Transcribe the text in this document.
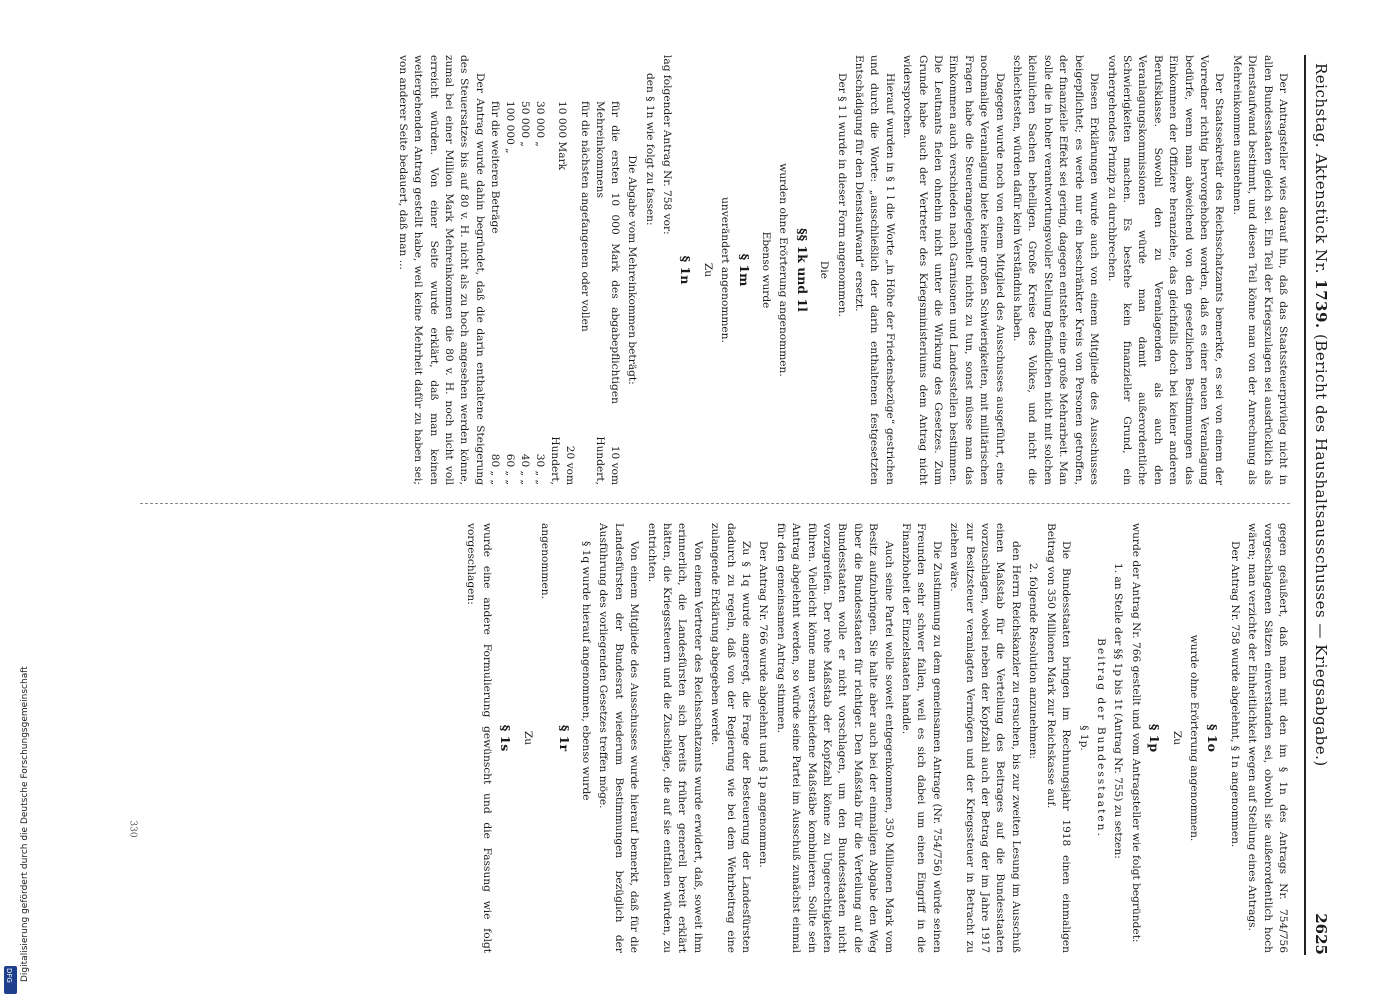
Reichstag. Aktenstück Nr. 1739. (Bericht des Haushaltsausschusses — Kriegsabgabe.)
2625

Der Antragsteller wies darauf hin, daß das Staatssteuerprivileg nicht in allen Bundesstaaten gleich sei. Ein Teil der Kriegszulagen sei ausdrücklich als Dienstaufwand bestimmt, und diesen Teil könne man von der Anrechnung als Mehreinkommen ausnehmen.

Der Staatssekretär des Reichsschatzamts bemerkte, es sei von einem der Vorredner richtig hervorgehoben worden, daß es einer neuen Veranlagung bedürfe, wenn man abweichend von den gesetzlichen Bestimmungen das Einkommen der Offiziere heranziehe, das gleichfalls doch bei keiner anderen Berufsklasse. Sowohl den zu Veranlagenden als auch den Veranlagungskommissionen würde man damit außerordentliche Schwierigkeiten machen. Es bestehe kein finanzieller Grund, ein vorhergehendes Prinzip zu durchbrechen.

Diesen Erklärungen wurde auch von einem Mitgliede des Ausschusses beigepflichtet; es werde nur ein beschränkter Kreis von Personen getroffen, der finanzielle Effekt sei gering, dagegen entstehe eine große Mehrarbeit. Man solle die in hoher verantwortungsvoller Stellung Befindlichen nicht mit solchen kleinlichen Sachen behelligen. Große Kreise des Volkes, und nicht die schlechtesten, würden dafür kein Verständnis haben.

Dagegen wurde noch von einem Mitglied des Ausschusses ausgeführt, eine nochmalige Veranlagung biete keine großen Schwierigkeiten, mit militärischen Fragen habe die Steuerangelegenheit nichts zu tun, sonst müsse man das Einkommen auch verschieden nach Garnisonen und Landesstellen bestimmen. Die Leutnants fielen ohnehin nicht unter die Wirkung des Gesetzes. Zum Grunde habe auch der Vertreter des Kriegsministeriums dem Antrag nicht widersprochen.

Hierauf wurden in § 1 l die Worte „in Höhe der Friedensbezüge“ gestrichen und durch die Worte: „ausschließlich der darin enthaltenen festgesetzten Entschädigung für den Dienstaufwand“ ersetzt.

Der § 1 l wurde in dieser Form angenommen.

Die

§§ 1k und 1l

wurden ohne Erörterung angenommen.

Ebenso wurde

§ 1m

unverändert angenommen.

Zu

§ 1n

lag folgender Antrag Nr. 758 vor:

den § 1n wie folgt zu fassen:

Die Abgabe vom Mehreinkommen beträgt:

für die ersten 10 000 Mark des abgabepflichtigen Mehreinkommens	10 vom Hundert,
für die nächsten angefangenen oder vollen	
10 000 Mark	20 vom Hundert,
30 000 „	30 „ „
50 000 „	40 „ „
100 000 „	60 „ „
für die weiteren Beträge	80 „ „

Der Antrag wurde dahin begründet, daß die darin enthaltene Steigerung des Steuersatzes bis auf 80 v. H. nicht als zu hoch angesehen werden könne, zumal bei einer Million Mark Mehreinkommen die 80 v. H. noch nicht voll erreicht würden. Von einer Seite wurde erklärt, daß man keinen weitergehenden Antrag gestellt habe, weil keine Mehrheit dafür zu haben sei; von anderer Seite bedauert, daß man ...

gegen geäußert, daß man mit den im § 1n des Antrags Nr. 754/756 vorgeschlagenen Sätzen einverstanden sei, obwohl sie außerordentlich hoch wären; man verzichte der Einheitlichkeit wegen auf Stellung eines Antrags.

Der Antrag Nr. 758 wurde abgelehnt, § 1n angenommen.

§ 1o

wurde ohne Erörterung angenommen.

Zu

§ 1p

wurde der Antrag Nr. 766 gestellt und vom Antragsteller wie folgt begründet:

1. an Stelle der §§ 1p bis 1t (Antrag Nr. 755) zu setzen:

Beitrag der Bundesstaaten.

§ 1p.

Die Bundesstaaten bringen im Rechnungsjahr 1918 einen einmaligen Beitrag von 350 Millionen Mark zur Reichskasse auf.

2. folgende Resolution anzunehmen:

den Herrn Reichskanzler zu ersuchen, bis zur zweiten Lesung im Ausschuß einen Maßstab für die Verteilung des Beitrages auf die Bundesstaaten vorzuschlagen, wobei neben der Kopfzahl auch der Betrag der im Jahre 1917 zur Besitzsteuer veranlagten Vermögen und der Kriegssteuer in Betracht zu ziehen wäre.

Die Zustimmung zu dem gemeinsamen Antrage (Nr. 754/756) würde seinen Freunden sehr schwer fallen, weil es sich dabei um einen Eingriff in die Finanzhoheit der Einzelstaaten handle.

Auch seine Partei wolle soweit entgegenkommen, 350 Millionen Mark vom Besitz aufzubringen. Sie halte aber auch bei der einmaligen Abgabe den Weg über die Bundesstaaten für richtiger. Den Maßstab für die Verteilung auf die Bundesstaaten wolle er nicht vorschlagen, um den Bundesstaaten nicht vorzugreifen. Der rohe Maßstab der Kopfzahl könne zu Ungerechtigkeiten führen. Vielleicht könne man verschiedene Maßstäbe kombinieren. Sollte sein Antrag abgelehnt werden, so würde seine Partei im Ausschuß zunächst einmal für den gemeinsamen Antrag stimmen.

Der Antrag Nr. 766 wurde abgelehnt und § 1p angenommen.

Zu § 1q wurde angeregt, die Frage der Besteuerung der Landesfürsten dadurch zu regeln, daß von der Regierung wie bei dem Wehrbeitrag eine zulangende Erklärung abgegeben werde.

Von einem Vertreter des Reichsschatzamts wurde erwidert, daß, soweit ihm erinnerlich, die Landesfürsten sich bereits früher generell bereit erklärt hätten, die Kriegssteuern und die Zuschläge, die auf sie entfallen würden, zu entrichten.

Von einem Mitgliede des Ausschusses wurde hierauf bemerkt, daß für die Landesfürsten der Bundesrat wiederum Bestimmungen bezüglich der Ausführung des vorliegenden Gesetzes treffen möge.

§ 1q wurde hierauf angenommen, ebenso wurde

§ 1r

angenommen.

Zu

§ 1s

wurde eine andere Formulierung gewünscht und die Fassung wie folgt vorgeschlagen:

330
Digitalisierung gefördert durch die Deutsche Forschungsgemeinschaft
DFG
